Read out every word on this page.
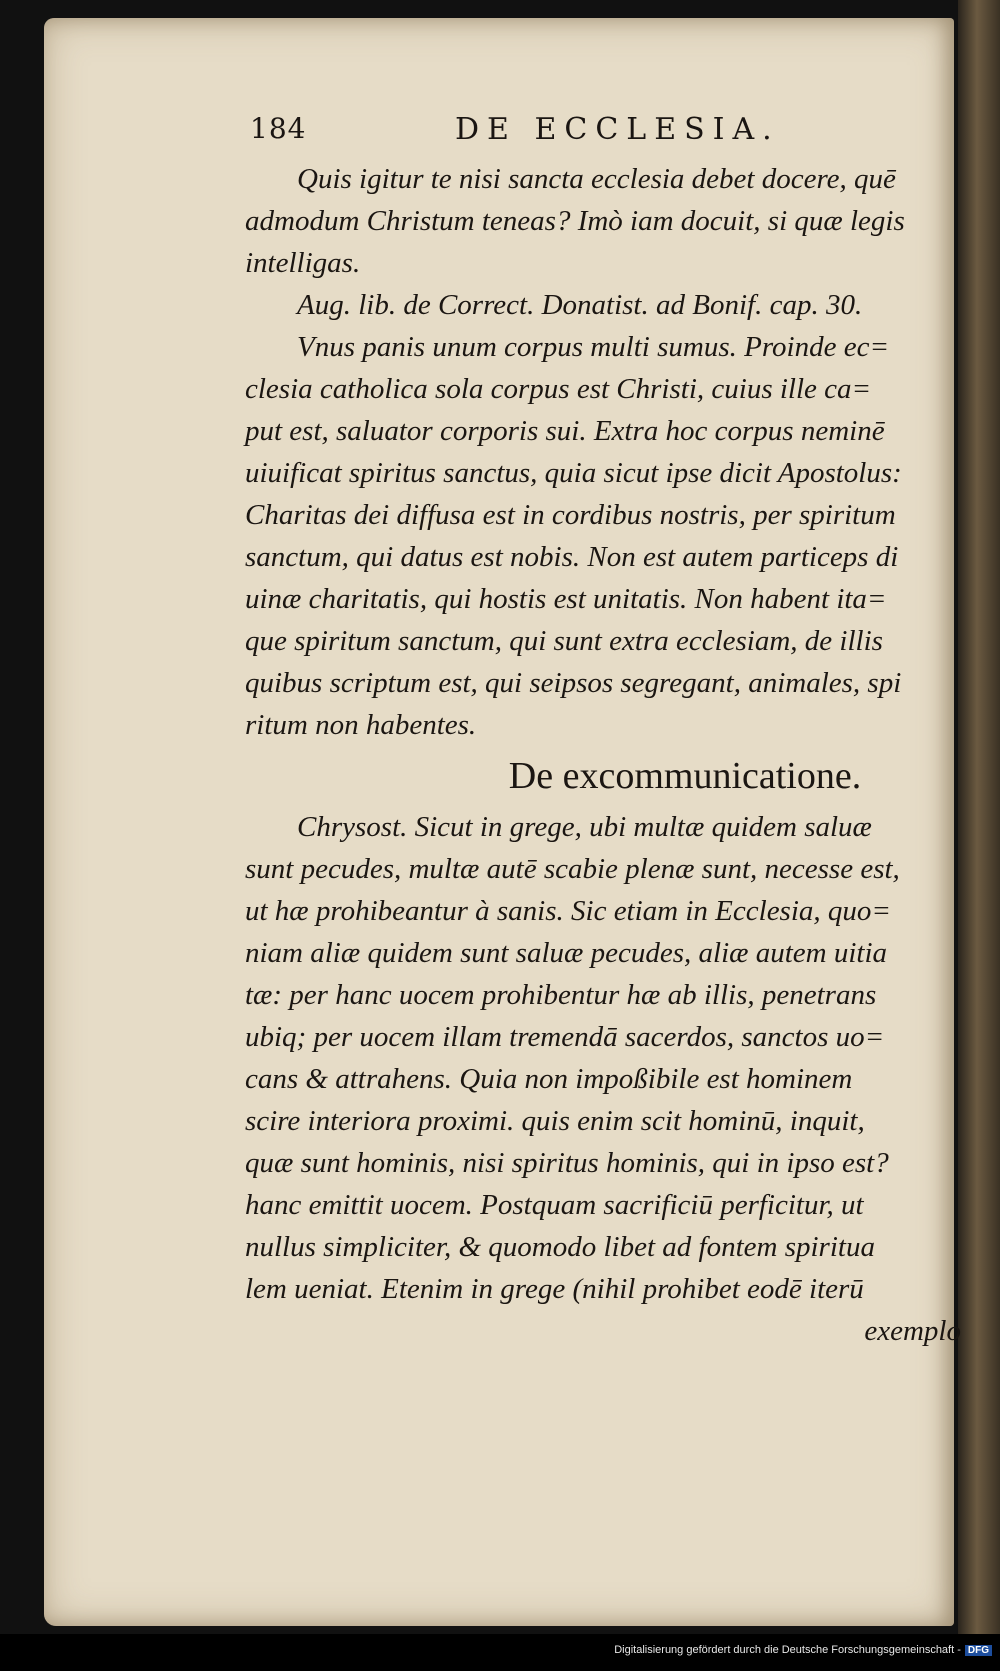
184	DE ECCLESIA.
Quis igitur te nisi sancta ecclesia debet docere, quē
admodum Christum teneas? Imò iam docuit, si quæ legis
intelligas.
Aug. lib. de Correct. Donatist. ad Bonif. cap. 30.
Vnus panis unum corpus multi sumus. Proinde ec=
clesia catholica sola corpus est Christi, cuius ille ca=
put est, saluator corporis sui. Extra hoc corpus neminē
uiuificat spiritus sanctus, quia sicut ipse dicit Apostolus:
Charitas dei diffusa est in cordibus nostris, per spiritum
sanctum, qui datus est nobis. Non est autem particeps di
uinæ charitatis, qui hostis est unitatis. Non habent ita=
que spiritum sanctum, qui sunt extra ecclesiam, de illis
quibus scriptum est, qui seipsos segregant, animales, spi
ritum non habentes.
De excommunicatione.
Chrysost. Sicut in grege, ubi multæ quidem saluæ
sunt pecudes, multæ autē scabie plenæ sunt, necesse est,
ut hæ prohibeantur à sanis. Sic etiam in Ecclesia, quo=
niam aliæ quidem sunt saluæ pecudes, aliæ autem uitia
tæ: per hanc uocem prohibentur hæ ab illis, penetrans
ubiq; per uocem illam tremendā sacerdos, sanctos uo=
cans & attrahens. Quia non impoßibile est hominem
scire interiora proximi. quis enim scit hominū, inquit,
quæ sunt hominis, nisi spiritus hominis, qui in ipso est?
hanc emittit uocem. Postquam sacrificiū perficitur, ut
nullus simpliciter, & quomodo libet ad fontem spiritua
lem ueniat. Etenim in grege (nihil prohibet eodē iterū
exemplo
Digitalisierung gefördert durch die Deutsche Forschungsgemeinschaft - DFG
